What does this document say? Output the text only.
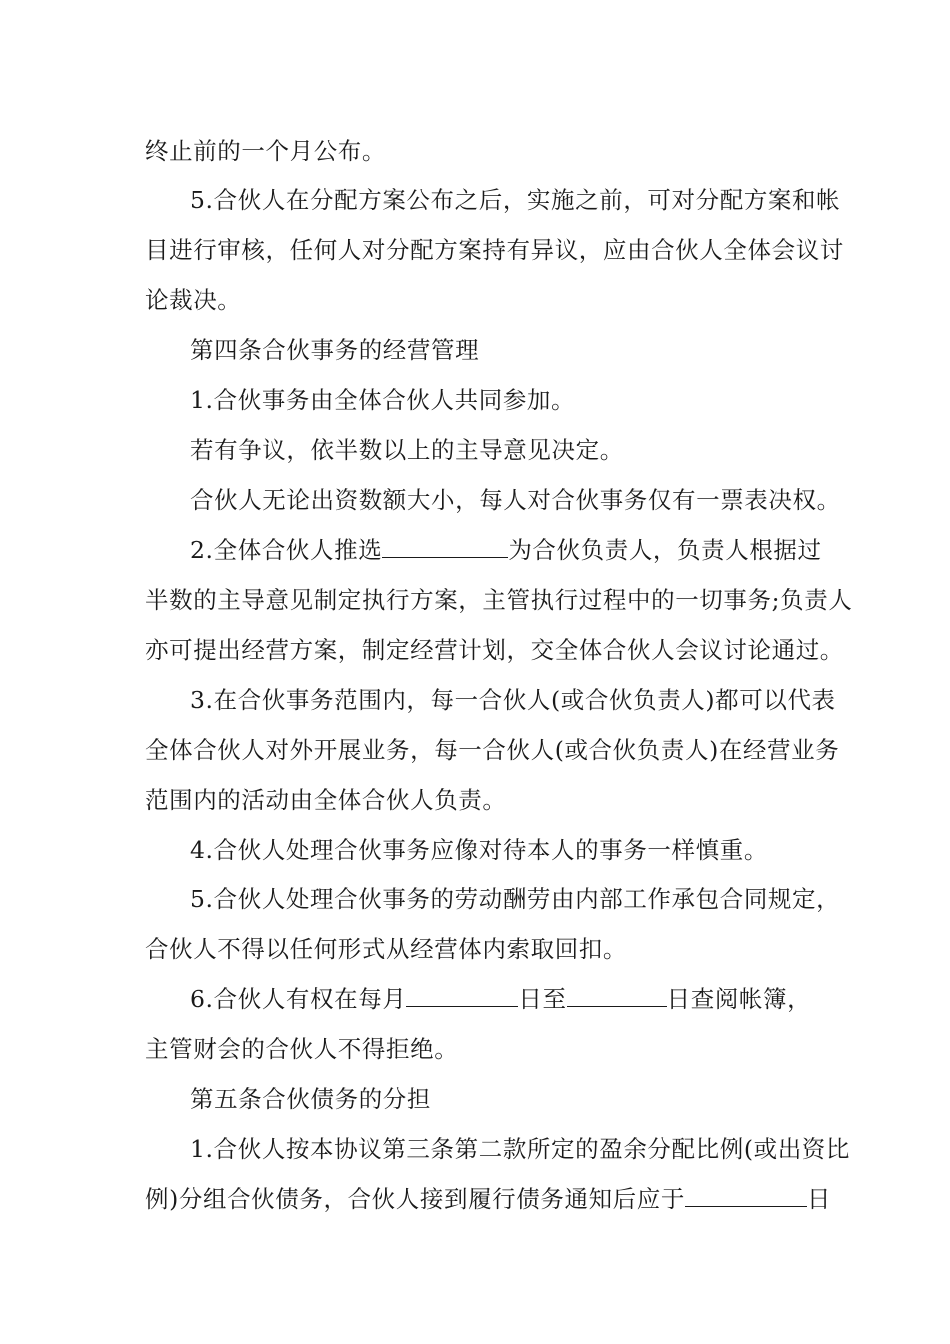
终止前的一个月公布。
5.合伙人在分配方案公布之后，实施之前，可对分配方案和帐
目进行审核，任何人对分配方案持有异议，应由合伙人全体会议讨
论裁决。
第四条合伙事务的经营管理
1.合伙事务由全体合伙人共同参加。
若有争议，依半数以上的主导意见决定。
合伙人无论出资数额大小，每人对合伙事务仅有一票表决权。
2.全体合伙人推选	为合伙负责人，负责人根据过
半数的主导意见制定执行方案，主管执行过程中的一切事务;负责人
亦可提出经营方案，制定经营计划，交全体合伙人会议讨论通过。
3.在合伙事务范围内，每一合伙人(或合伙负责人)都可以代表
全体合伙人对外开展业务，每一合伙人(或合伙负责人)在经营业务
范围内的活动由全体合伙人负责。
4.合伙人处理合伙事务应像对待本人的事务一样慎重。
5.合伙人处理合伙事务的劳动酬劳由内部工作承包合同规定，
合伙人不得以任何形式从经营体内索取回扣。
6.合伙人有权在每月	日至	日查阅帐簿，
主管财会的合伙人不得拒绝。
第五条合伙债务的分担
1.合伙人按本协议第三条第二款所定的盈余分配比例(或出资比
例)分组合伙债务，合伙人接到履行债务通知后应于	日
